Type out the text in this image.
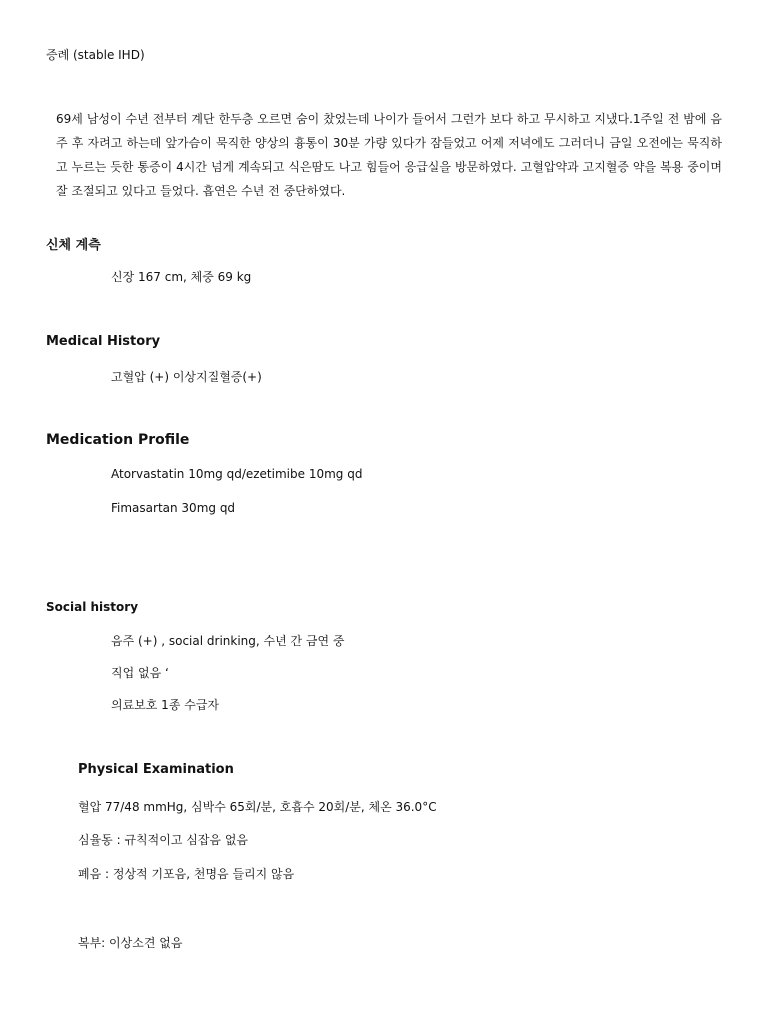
증례 (stable IHD)
69세 남성이 수년 전부터 계단 한두층 오르면 숨이 찼었는데 나이가 들어서 그런가 보다 하고 무시하고 지냈다.1주일 전 밤에 음주 후 자려고 하는데 앞가슴이 묵직한 양상의 흉통이 30분 가량 있다가 잠들었고 어제 저녁에도 그러더니 금일 오전에는 묵직하고 누르는 듯한 통증이 4시간 넘게 계속되고 식은땀도 나고 힘들어 응급실을 방문하였다. 고혈압약과 고지혈증 약을 복용 중이며 잘 조절되고 있다고 들었다. 흡연은 수년 전 중단하였다.
신체 계측
신장 167 cm, 체중 69 kg
Medical History
고혈압 (+) 이상지질혈증(+)
Medication Profile
Atorvastatin 10mg qd/ezetimibe 10mg qd
Fimasartan 30mg qd
Social history
음주 (+) , social drinking, 수년 간 금연 중
직업 없음 ‘
의료보호 1종 수급자
Physical Examination
혈압 77/48 mmHg, 심박수 65회/분, 호흡수 20회/분, 체온 36.0°C
심율동 : 규칙적이고 심잡음 없음
폐음 : 정상적 기포음, 천명음 들리지 않음
복부: 이상소견 없음
